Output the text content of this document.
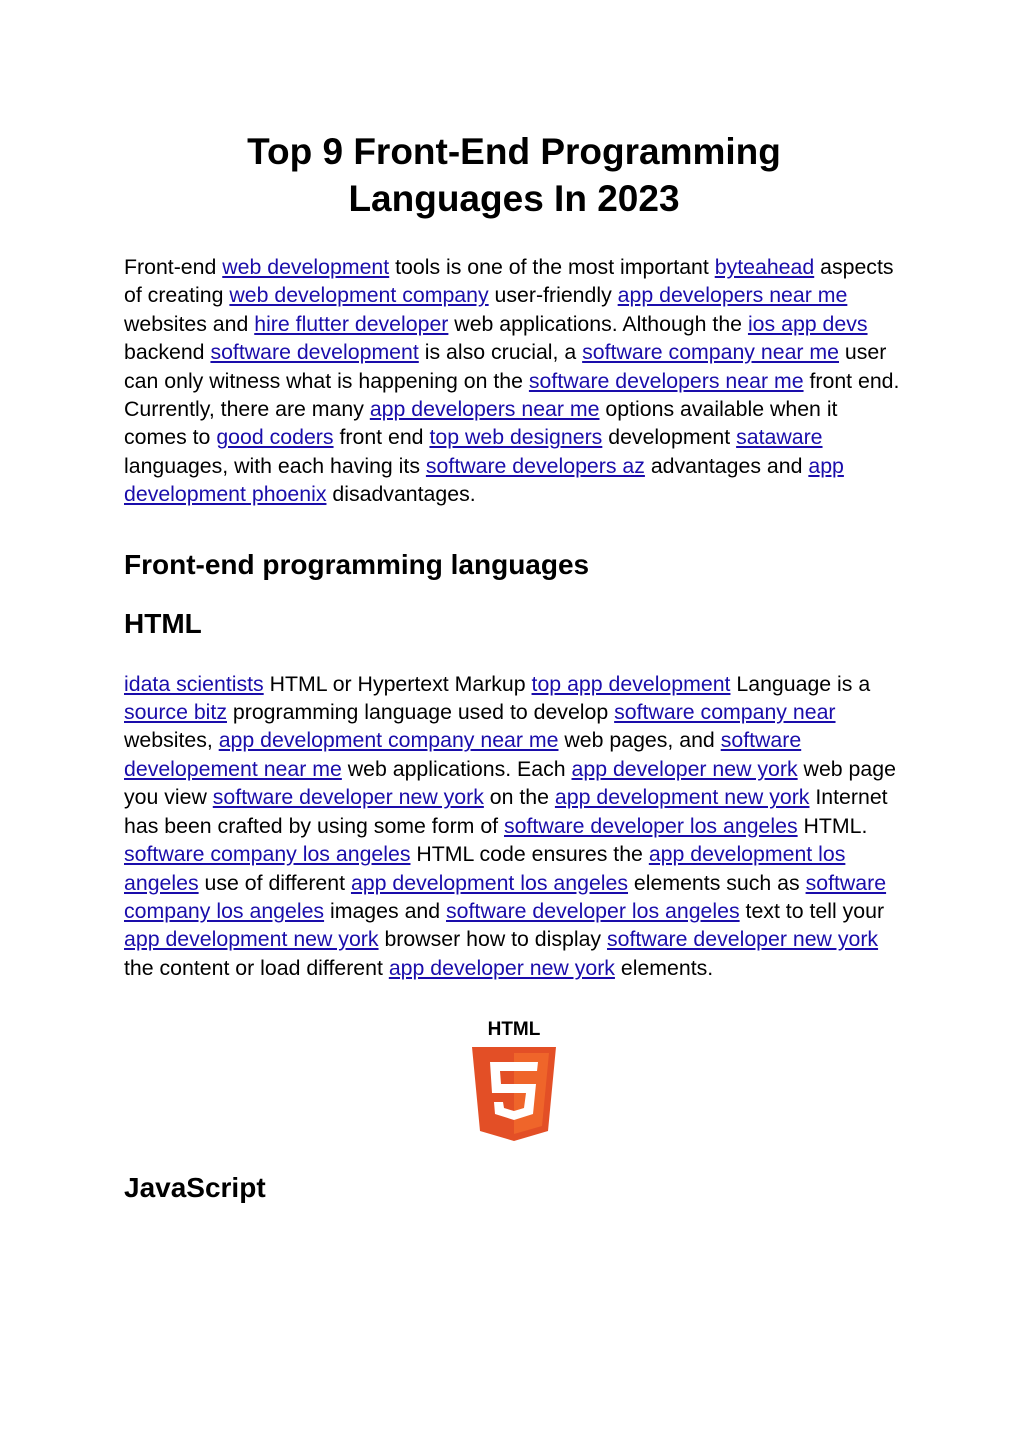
Top 9 Front-End Programming
Languages In 2023

Front-end web development tools is one of the most important byteahead aspects of creating web development company user-friendly app developers near me websites and hire flutter developer web applications. Although the ios app devs backend software development is also crucial, a software company near me user can only witness what is happening on the software developers near me front end. Currently, there are many app developers near me options available when it comes to good coders front end top web designers development sataware languages, with each having its software developers az advantages and app development phoenix disadvantages.

Front-end programming languages
HTML

idata scientists HTML or Hypertext Markup top app development Language is a source bitz programming language used to develop software company near websites, app development company near me web pages, and software developement near me web applications. Each app developer new york web page you view software developer new york on the app development new york Internet has been crafted by using some form of software developer los angeles HTML. software company los angeles HTML code ensures the app development los angeles use of different app development los angeles elements such as software company los angeles images and software developer los angeles text to tell your app development new york browser how to display software developer new york the content or load different app developer new york elements.

HTML
JavaScript
